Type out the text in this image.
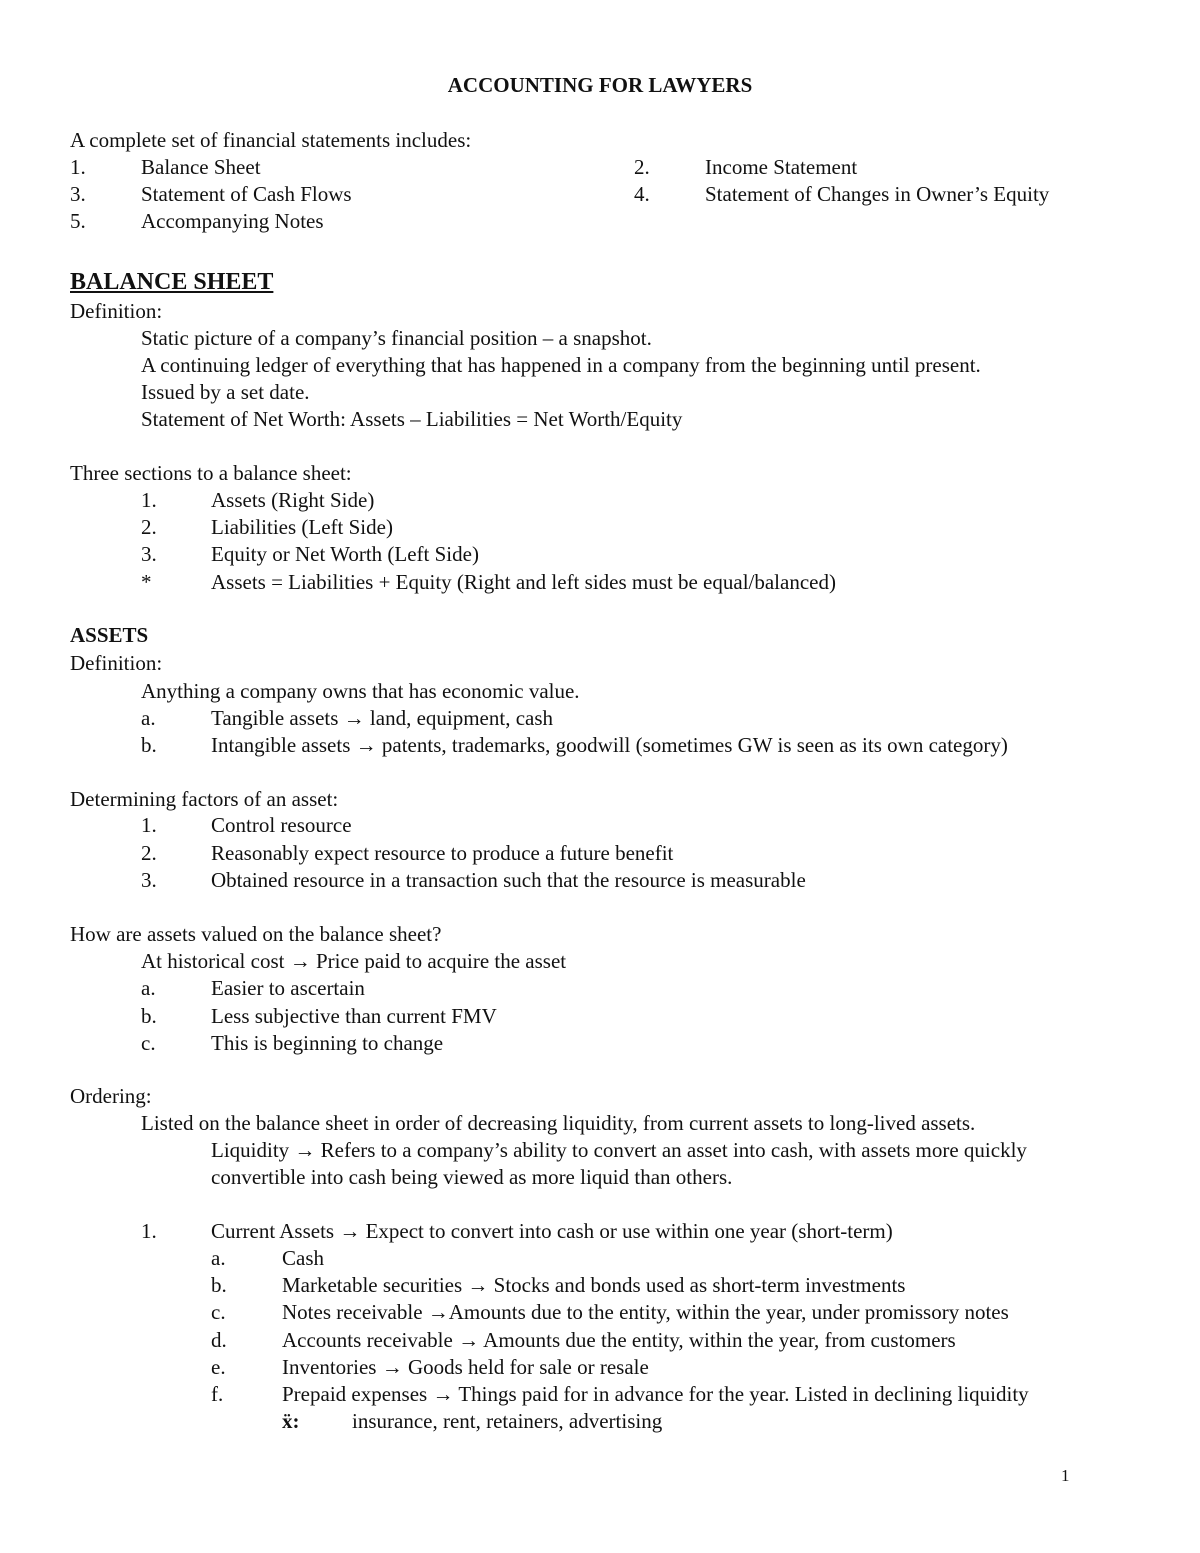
ACCOUNTING FOR LAWYERS
A complete set of financial statements includes:
1.	Balance Sheet	2.	Income Statement
3.	Statement of Cash Flows	4.	Statement of Changes in Owner’s Equity
5.	Accompanying Notes
BALANCE SHEET
Definition:
Static picture of a company’s financial position – a snapshot.
A continuing ledger of everything that has happened in a company from the beginning until present.
Issued by a set date.
Statement of Net Worth: Assets – Liabilities = Net Worth/Equity
Three sections to a balance sheet:
1.	Assets (Right Side)
2.	Liabilities (Left Side)
3.	Equity or Net Worth (Left Side)
*	Assets = Liabilities + Equity (Right and left sides must be equal/balanced)
ASSETS
Definition:
Anything a company owns that has economic value.
a.	Tangible assets → land, equipment, cash
b.	Intangible assets → patents, trademarks, goodwill (sometimes GW is seen as its own category)
Determining factors of an asset:
1.	Control resource
2.	Reasonably expect resource to produce a future benefit
3.	Obtained resource in a transaction such that the resource is measurable
How are assets valued on the balance sheet?
At historical cost → Price paid to acquire the asset
a.	Easier to ascertain
b.	Less subjective than current FMV
c.	This is beginning to change
Ordering:
Listed on the balance sheet in order of decreasing liquidity, from current assets to long-lived assets.
Liquidity → Refers to a company’s ability to convert an asset into cash, with assets more quickly
convertible into cash being viewed as more liquid than others.
1.	Current Assets → Expect to convert into cash or use within one year (short-term)
a.	Cash
b.	Marketable securities → Stocks and bonds used as short-term investments
c.	Notes receivable →Amounts due to the entity, within the year, under promissory notes
d.	Accounts receivable → Amounts due the entity, within the year, from customers
e.	Inventories → Goods held for sale or resale
f.	Prepaid expenses → Things paid for in advance for the year. Listed in declining liquidity
ẍ:	insurance, rent, retainers, advertising
1
